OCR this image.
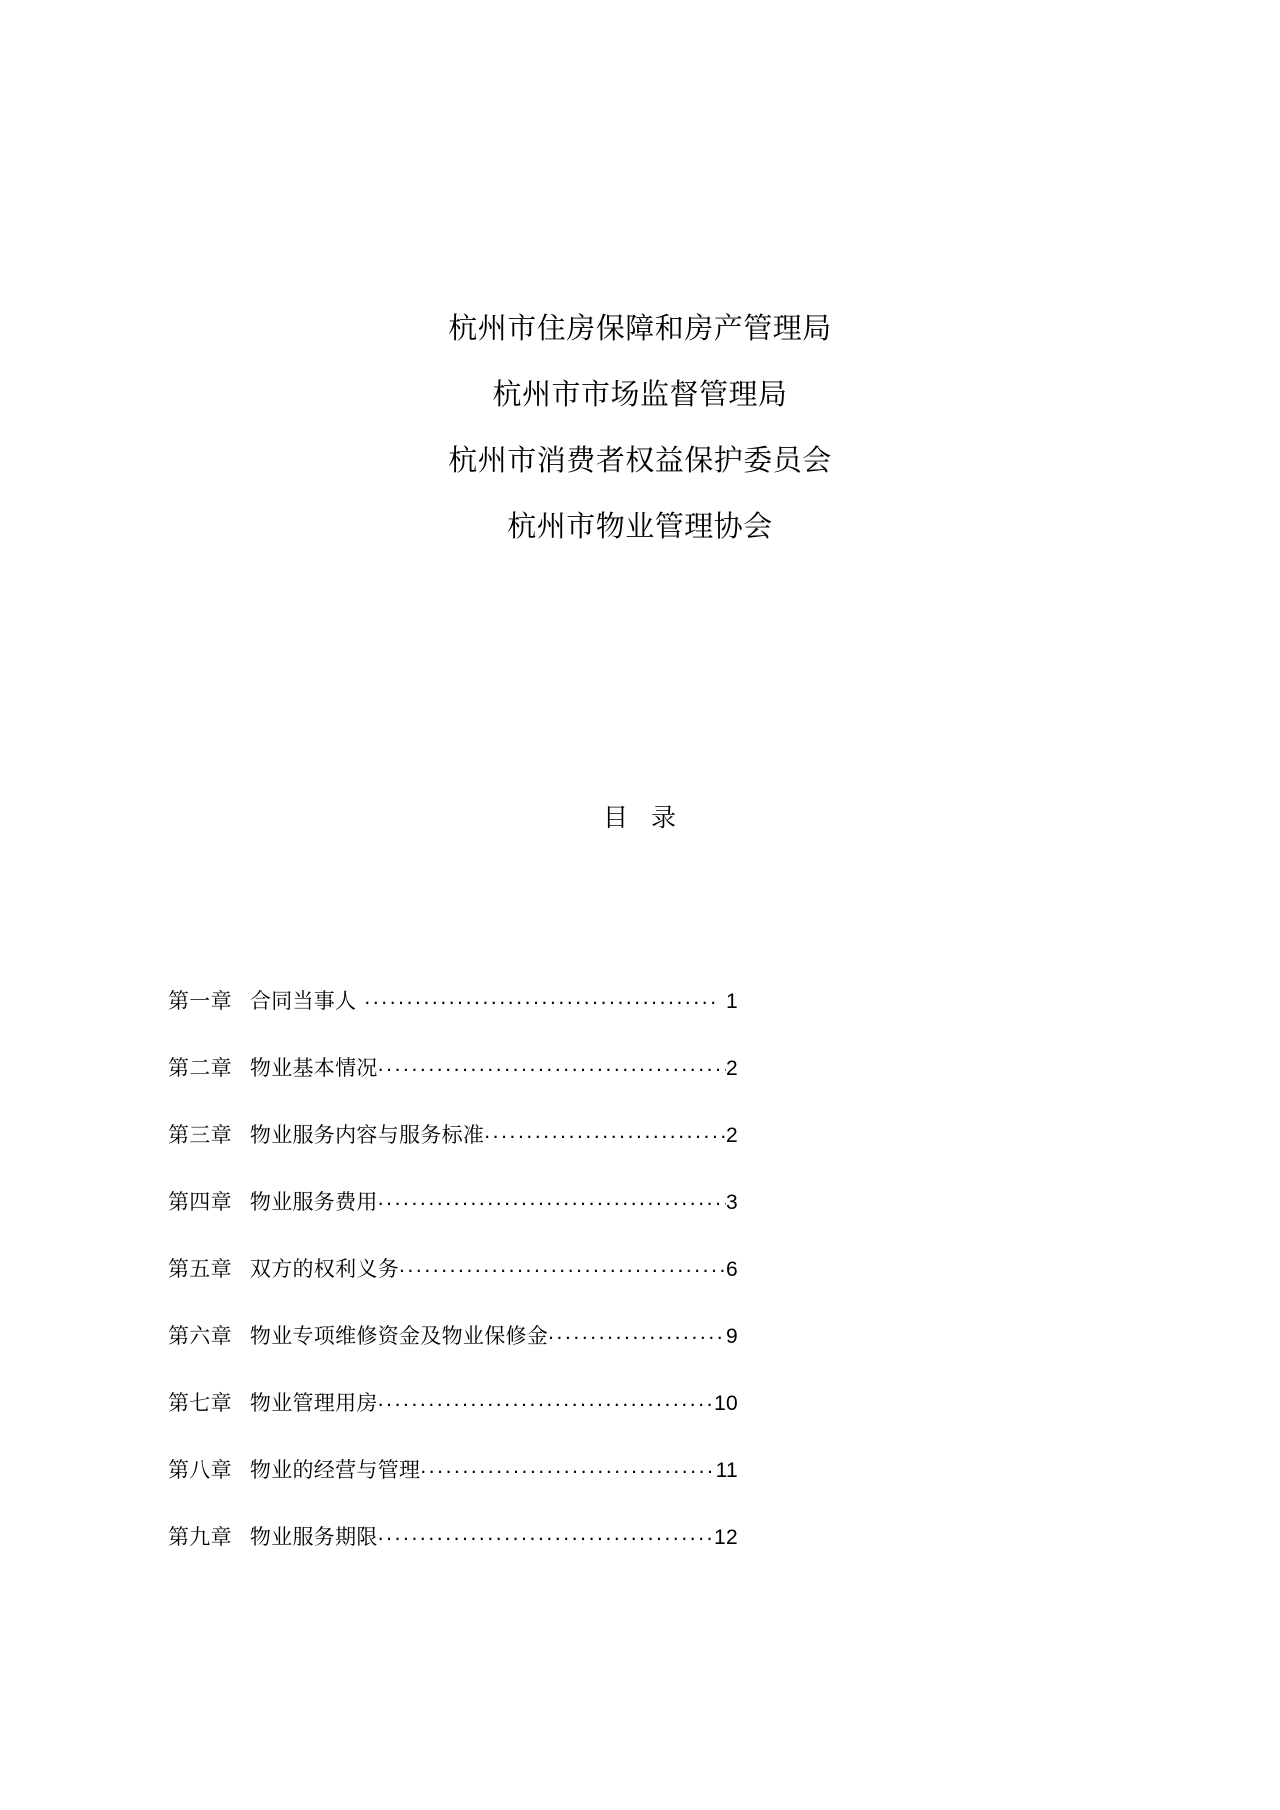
杭州市住房保障和房产管理局
杭州市市场监督管理局
杭州市消费者权益保护委员会
杭州市物业管理协会
目 录
第一章 合同当事人 .....	1
第二章 物业基本情况 .....	2
第三章 物业服务内容与服务标准 .....	2
第四章 物业服务费用 .....	3
第五章 双方的权利义务 .....	6
第六章 物业专项维修资金及物业保修金 .....	9
第七章 物业管理用房 .....	10
第八章 物业的经营与管理 .....	11
第九章 物业服务期限 .....	12
